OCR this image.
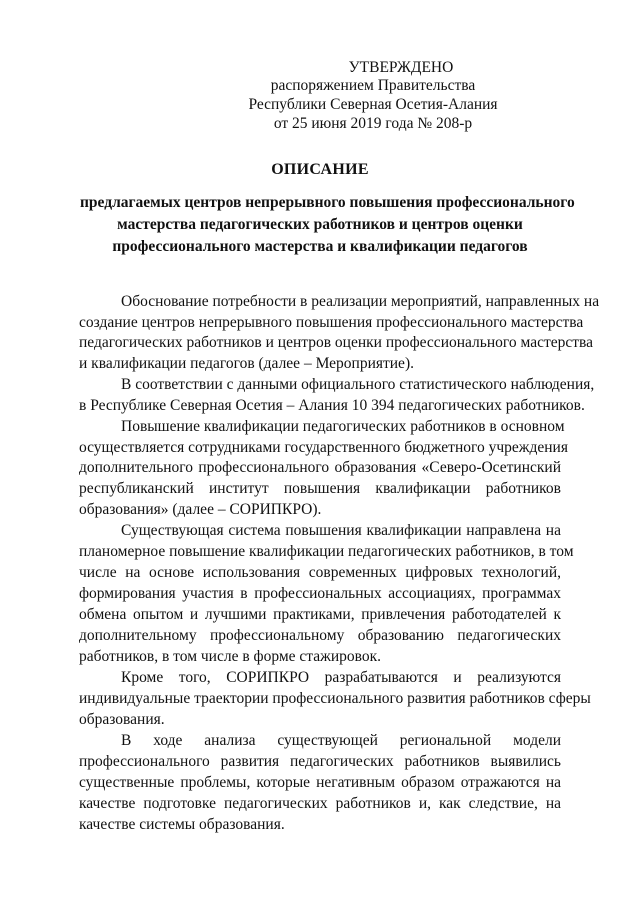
УТВЕРЖДЕНО
распоряжением Правительства
Республики Северная Осетия-Алания
от 25 июня 2019 года № 208-р
ОПИСАНИЕ
предлагаемых центров непрерывного повышения профессионального
мастерства педагогических работников и центров оценки
профессионального мастерства и квалификации педагогов
Обоснование потребности в реализации мероприятий, направленных на
создание центров непрерывного повышения профессионального мастерства
педагогических работников и центров оценки профессионального мастерства
и квалификации педагогов (далее – Мероприятие).
В соответствии с данными официального статистического наблюдения,
в Республике Северная Осетия – Алания 10 394 педагогических работников.
Повышение квалификации педагогических работников в основном
осуществляется сотрудниками государственного бюджетного учреждения
дополнительного профессионального образования «Северо-Осетинский
республиканский институт повышения квалификации работников
образования» (далее – СОРИПКРО).
Существующая система повышения квалификации направлена на
планомерное повышение квалификации педагогических работников, в том
числе на основе использования современных цифровых технологий,
формирования участия в профессиональных ассоциациях, программах
обмена опытом и лучшими практиками, привлечения работодателей к
дополнительному профессиональному образованию педагогических
работников, в том числе в форме стажировок.
Кроме того, СОРИПКРО разрабатываются и реализуются
индивидуальные траектории профессионального развития работников сферы
образования.
В ходе анализа существующей региональной модели
профессионального развития педагогических работников выявились
существенные проблемы, которые негативным образом отражаются на
качестве подготовке педагогических работников и, как следствие, на
качестве системы образования.
